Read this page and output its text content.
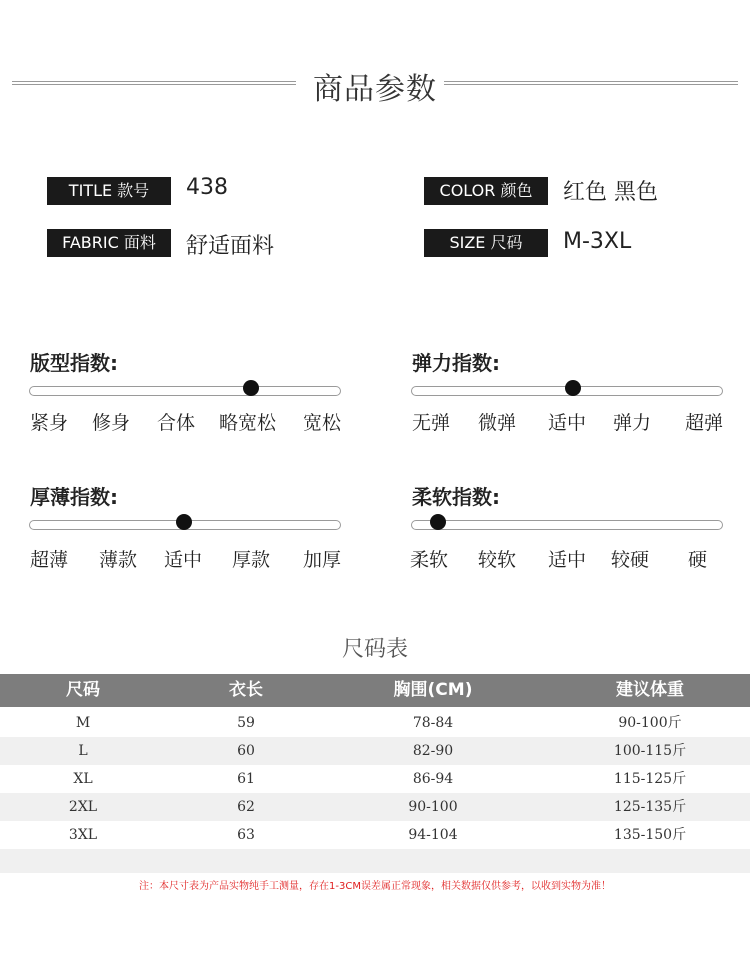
商品参数
TITLE 款号	438	COLOR 颜色	红色 黑色
FABRIC 面料	舒适面料	SIZE 尺码	M-3XL
版型指数:
紧身 修身 合体 略宽松 宽松
弹力指数:
无弹 微弹 适中 弹力 超弹
厚薄指数:
超薄 薄款 适中 厚款 加厚
柔软指数:
柔软 较软 适中 较硬 硬
尺码表
尺码	衣长	胸围(CM)	建议体重
M	59	78-84	90-100斤
L	60	82-90	100-115斤
XL	61	86-94	115-125斤
2XL	62	90-100	125-135斤
3XL	63	94-104	135-150斤
注：本尺寸表为产品实物纯手工测量，存在1-3CM误差属正常现象，相关数据仅供参考，以收到实物为准！
